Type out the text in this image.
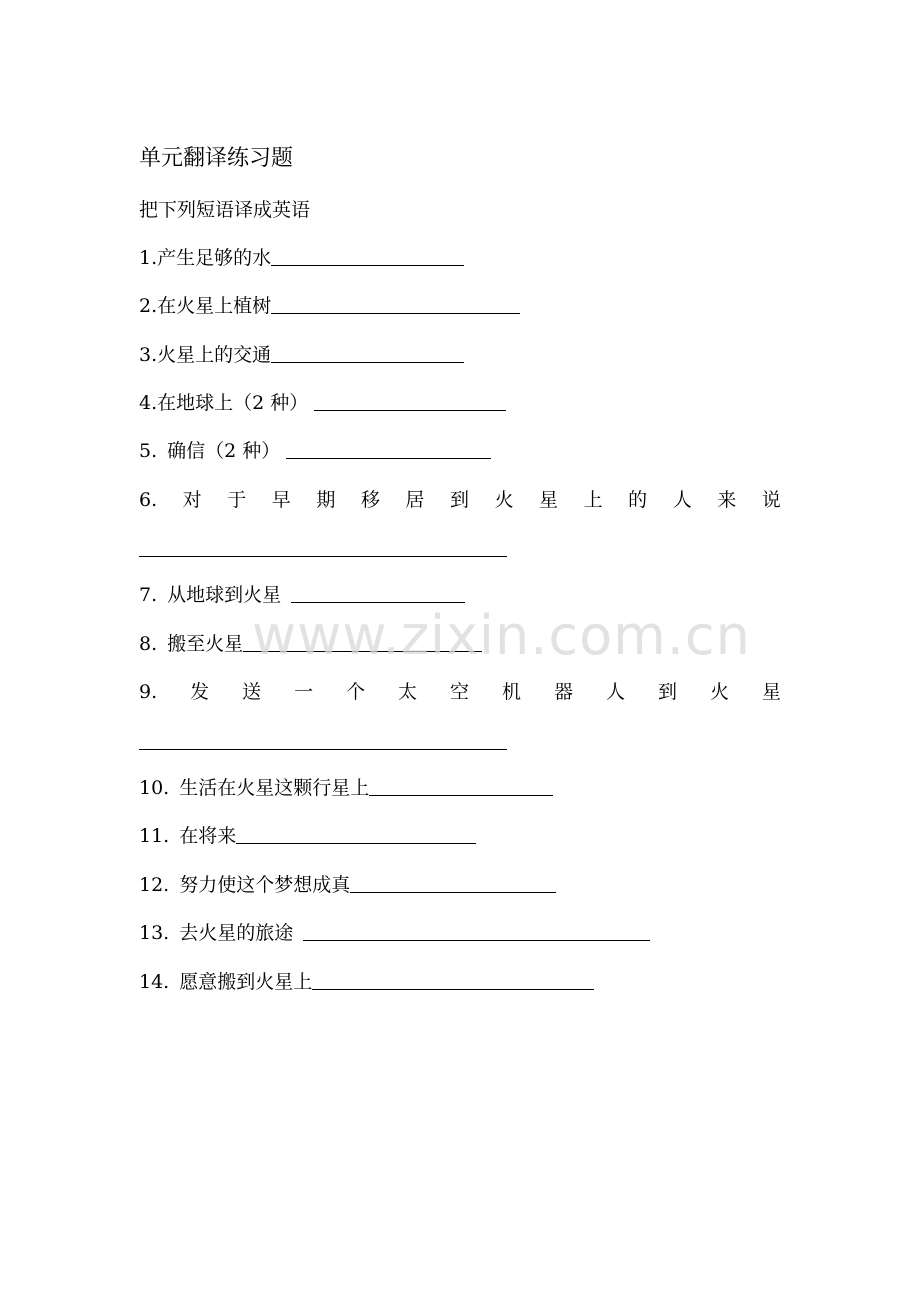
单元翻译练习题
把下列短语译成英语
1. 产生足够的水
2. 在火星上植树
3. 火星上的交通
4. 在地球上（2 种）
5. 确信（2 种）
6. 对 于 早 期 移 居 到 火 星 上 的 人 来 说
7. 从地球到火星
8. 搬至火星
9. 发 送 一 个 太 空 机 器 人 到 火 星
10. 生活在火星这颗行星上
11. 在将来
12. 努力使这个梦想成真
13. 去火星的旅途
14. 愿意搬到火星上
www.zixin.com.cn
